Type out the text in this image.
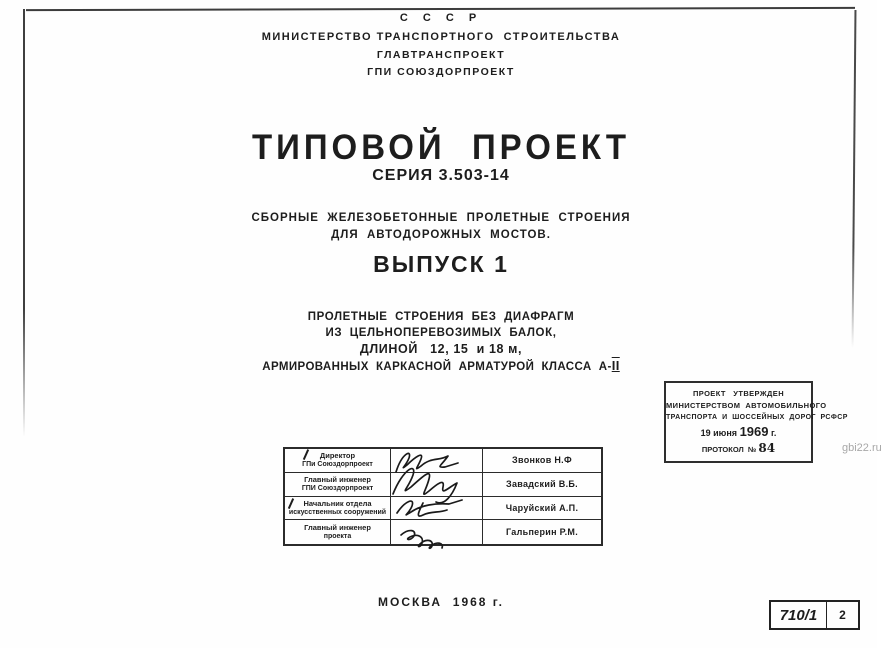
С С С Р
МИНИСТЕРСТВО ТРАНСПОРТНОГО  СТРОИТЕЛЬСТВА
ГЛАВТРАНСПРОЕКТ
ГПИ СОЮЗДОРПРОЕКТ
ТИПОВОЙ  ПРОЕКТ
СЕРИЯ 3.503-14
СБОРНЫЕ  ЖЕЛЕЗОБЕТОННЫЕ  ПРОЛЕТНЫЕ  СТРОЕНИЯ
ДЛЯ  АВТОДОРОЖНЫХ  МОСТОВ.
ВЫПУСК 1
ПРОЛЕТНЫЕ  СТРОЕНИЯ  БЕЗ  ДИАФРАГМ
ИЗ  ЦЕЛЬНОПЕРЕВОЗИМЫХ  БАЛОК,
ДЛИНОЙ   12, 15  и 18 м,
АРМИРОВАННЫХ  КАРКАСНОЙ  АРМАТУРОЙ  КЛАССА  А-II
ПРОЕКТ   УТВЕРЖДЕН
МИНИСТЕРСТВОМ  АВТОМОБИЛЬНОГО
ТРАНСПОРТА  И  ШОССЕЙНЫХ  ДОРОГ  РСФСР
19 июня 1969 г.
ПРОТОКОЛ  № 84	gbi22.ru
Директор
ГПи Союздорпроект	Звонков Н.Ф
Главный инженер
ГПИ Союздорпроект	Завадский В.Б.
Начальник отдела
искусственных сооружений	Чаруйский А.П.
Главный инженер
проекта	Гальперин Р.М.
МОСКВА  1968 г.
710/1	2
